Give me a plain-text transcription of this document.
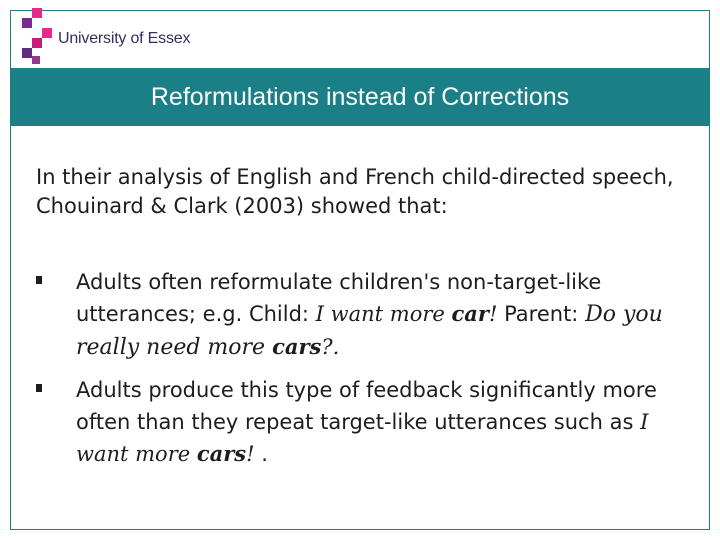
University of Essex
Reformulations instead of Corrections
In their analysis of English and French child-directed speech, Chouinard & Clark (2003) showed that:
Adults often reformulate children's non-target-like utterances; e.g. Child: I want more car! Parent: Do you really need more cars?.
Adults produce this type of feedback significantly more often than they repeat target-like utterances such as I want more cars! .
